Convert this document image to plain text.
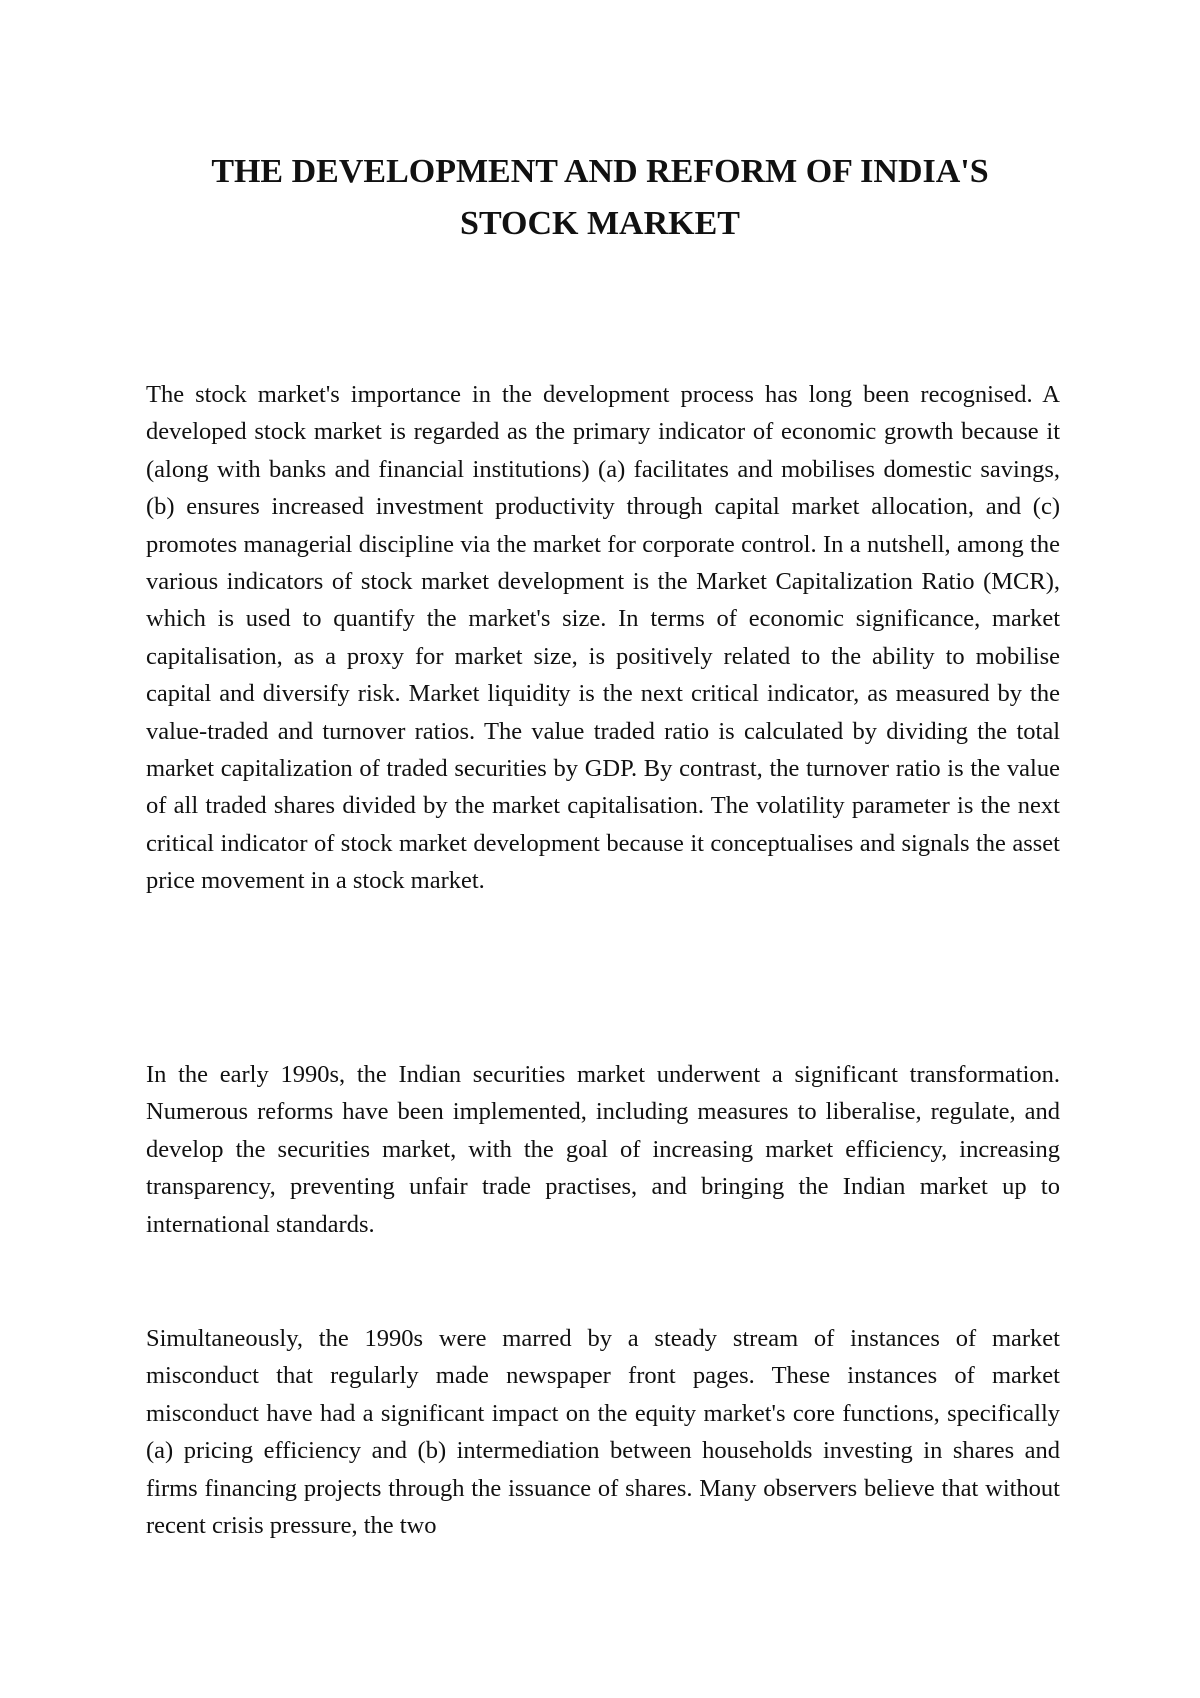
THE DEVELOPMENT AND REFORM OF INDIA'S
STOCK MARKET

The stock market's importance in the development process has long been recognised. A developed stock market is regarded as the primary indicator of economic growth because it (along with banks and financial institutions) (a) facilitates and mobilises domestic savings, (b) ensures increased investment productivity through capital market allocation, and (c) promotes managerial discipline via the market for corporate control. In a nutshell, among the various indicators of stock market development is the Market Capitalization Ratio (MCR), which is used to quantify the market's size. In terms of economic significance, market capitalisation, as a proxy for market size, is positively related to the ability to mobilise capital and diversify risk. Market liquidity is the next critical indicator, as measured by the value-traded and turnover ratios. The value traded ratio is calculated by dividing the total market capitalization of traded securities by GDP. By contrast, the turnover ratio is the value of all traded shares divided by the market capitalisation. The volatility parameter is the next critical indicator of stock market development because it conceptualises and signals the asset price movement in a stock market.

In the early 1990s, the Indian securities market underwent a significant transformation. Numerous reforms have been implemented, including measures to liberalise, regulate, and develop the securities market, with the goal of increasing market efficiency, increasing transparency, preventing unfair trade practises, and bringing the Indian market up to international standards.

Simultaneously, the 1990s were marred by a steady stream of instances of market misconduct that regularly made newspaper front pages. These instances of market misconduct have had a significant impact on the equity market's core functions, specifically (a) pricing efficiency and (b) intermediation between households investing in shares and firms financing projects through the issuance of shares. Many observers believe that without recent crisis pressure, the two
